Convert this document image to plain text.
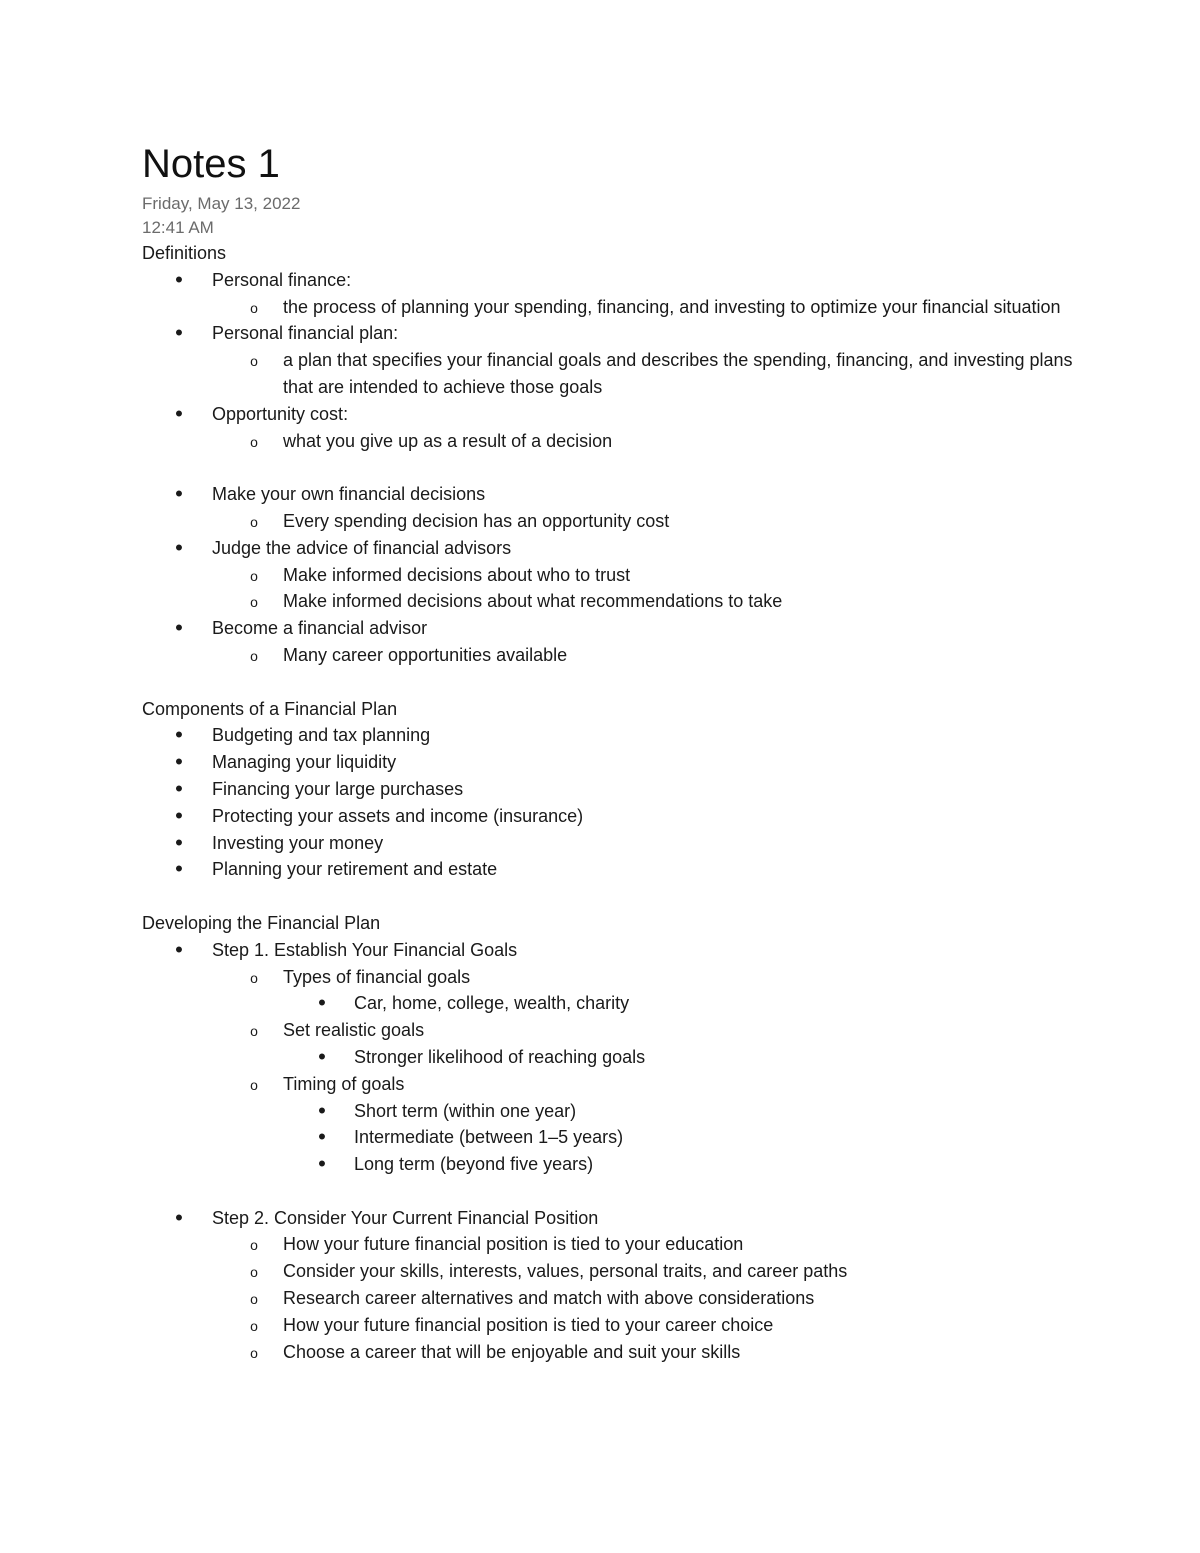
Notes 1

Friday, May 13, 2022

12:41 AM

Definitions

•	Personal finance:
o	the process of planning your spending, financing, and investing to optimize your financial situation
•	Personal financial plan:
o	a plan that specifies your financial goals and describes the spending, financing, and investing plans that are intended to achieve those goals
•	Opportunity cost:
o	what you give up as a result of a decision
•	Make your own financial decisions
o	Every spending decision has an opportunity cost
•	Judge the advice of financial advisors
o	Make informed decisions about who to trust
o	Make informed decisions about what recommendations to take
•	Become a financial advisor
o	Many career opportunities available

Components of a Financial Plan

•	Budgeting and tax planning
•	Managing your liquidity
•	Financing your large purchases
•	Protecting your assets and income (insurance)
•	Investing your money
•	Planning your retirement and estate

Developing the Financial Plan

•	Step 1. Establish Your Financial Goals
o	Types of financial goals
•	Car, home, college, wealth, charity
o	Set realistic goals
•	Stronger likelihood of reaching goals
o	Timing of goals
•	Short term (within one year)
•	Intermediate (between 1–5 years)
•	Long term (beyond five years)
•	Step 2. Consider Your Current Financial Position
o	How your future financial position is tied to your education
o	Consider your skills, interests, values, personal traits, and career paths
o	Research career alternatives and match with above considerations
o	How your future financial position is tied to your career choice
o	Choose a career that will be enjoyable and suit your skills
